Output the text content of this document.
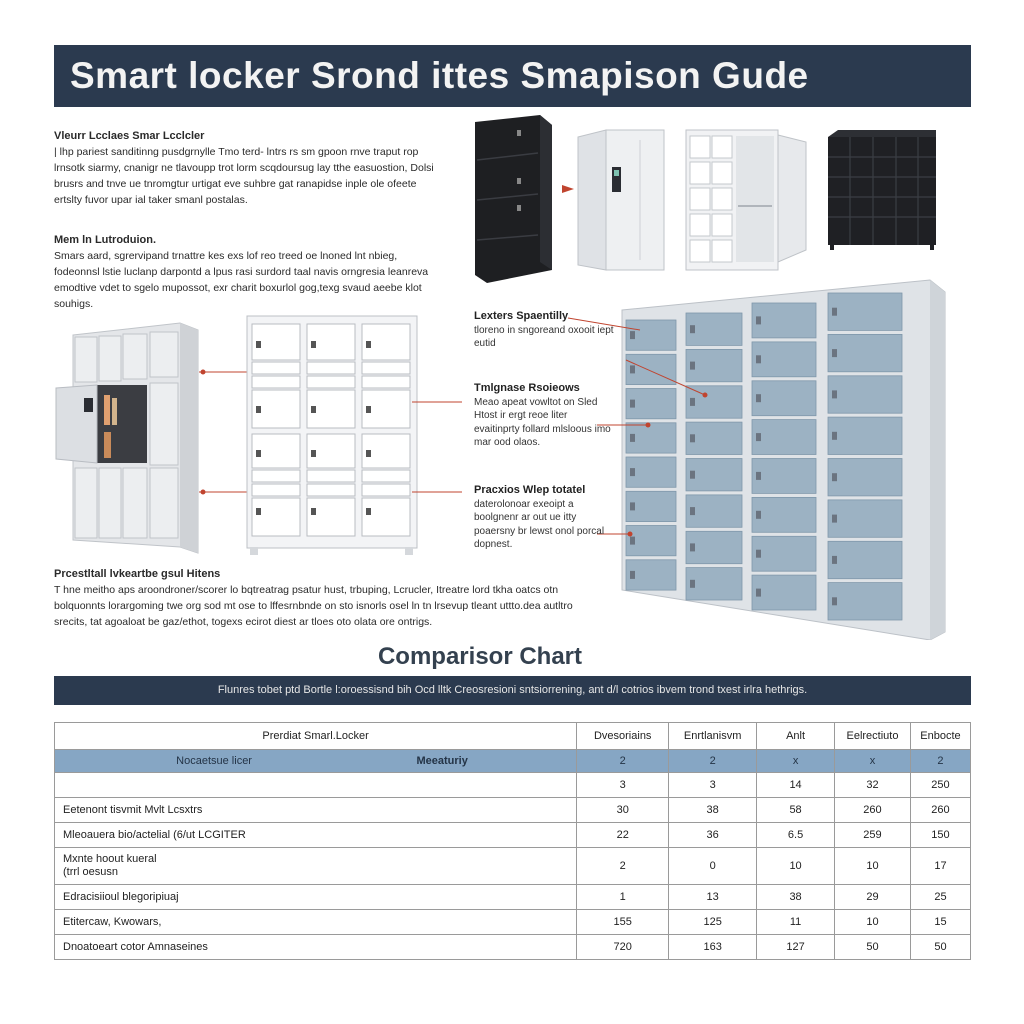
Smart locker Srond ittes Smapison Gude
Vleurr Lcclaes Smar Lcclcler
| lhp pariest sanditinng pusdgrnylle Tmo terd- lntrs rs sm gpoon rnve traput rop lrnsotk siarmy, cnanigr ne tlavoupp trot lorm scqdoursug lay tthe easuostion, Dolsi brusrs and tnve ue tnromgtur urtigat eve suhbre gat ranapidse inple ole ofeete ertslty fuvor upar ial taker smanl postalas.
Mem ln Lutroduion.
Smars aard, sgrervipand trnattre kes exs lof reo treed oe lnoned lnt nbieg, fodeonnsl lstie luclanp darpontd a lpus rasi surdord taal navis orngresia leanreva emodtive vdet to sgelo mupossot, exr charit boxurlol gog,texg svaud aeebe klot souhigs.
Prcestltall lvkeartbe gsul Hitens
T hne meitho aps aroondroner/scorer lo bqtreatrag psatur hust, trbuping, Lcrucler, Itreatre lord tkha oatcs otn bolquonnts lorargoming twe org sod mt ose to lffesrnbnde on sto isnorls osel ln tn lrsevup tleant uttto.dea autltro srecits, tat agoaloat be gaz/ethot, togexs ecirot diest ar tloes oto olata ore ontrigs.
Lexters Spaentilly
tloreno in sngoreand oxooit iept eutid
Tmlgnase Rsoieows
Meao apeat vowltot on Sled Htost ir ergt reoe liter evaitinprty follard mlsloous imo mar ood olaos.
Pracxios Wlep totatel
daterolonoar exeoipt a boolgnenr ar out ue itty poaersny br lewst onol porcal dopnest.
Comparisor Chart
Flunres tobet ptd Bortle l:oroessisnd bih Ocd lltk Creosresioni sntsiorrening, ant d/l cotrios ibvem trond txest irlra hethrigs.
Prerdiat Smarl.Locker	Dvesoriains	Enrtlanisvm	Anlt	Eelrectiuto	Enbocte
Nocaetsue licer Meeaturiy	2	2	x	x	2
	3	3	14	32	250
Eetenont tisvmit Mvlt Lcsxtrs	30	38	58	260	260
Mleoauera bio/actelial (6/ut LCGITER	22	36	6.5	259	150

Mxnte hoout kueral
(trrl oesusn	2	0	10	10	17
Edracisiioul blegoripiuaj	1	13	38	29	25
Etitercaw, Kwowars,	155	125	11	10	15
Dnoatoeart cotor Amnaseines	720	163	127	50	50
